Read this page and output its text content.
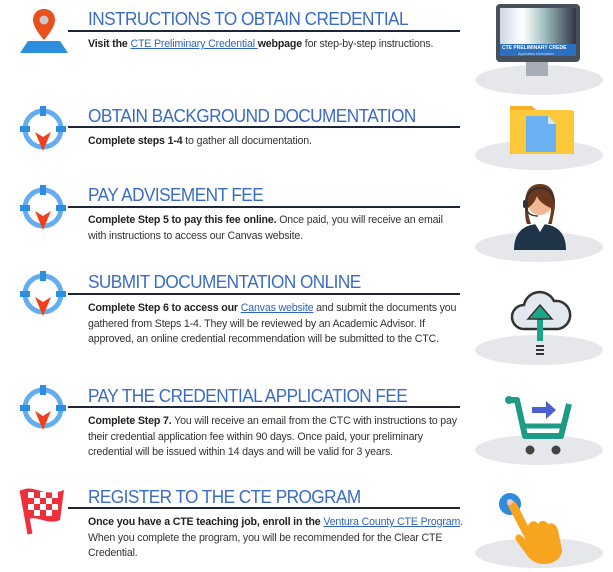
INSTRUCTIONS TO OBTAIN CREDENTIAL
Visit the CTE Preliminary Credential webpage for step-by-step instructions.	CTE PRELIMINARY CREDE
Application Instructions
OBTAIN BACKGROUND DOCUMENTATION
Complete steps 1-4 to gather all documentation.
PAY ADVISEMENT FEE
Complete Step 5 to pay this fee online. Once paid, you will receive an email with instructions to access our Canvas website.
SUBMIT DOCUMENTATION ONLINE
Complete Step 6 to access our Canvas website and submit the documents you gathered from Steps 1-4. They will be reviewed by an Academic Advisor. If approved, an online credential recommendation will be submitted to the CTC.
PAY THE CREDENTIAL APPLICATION FEE
Complete Step 7. You will receive an email from the CTC with instructions to pay their credential application fee within 90 days. Once paid, your preliminary credential will be issued within 14 days and will be valid for 3 years.
REGISTER TO THE CTE PROGRAM
Once you have a CTE teaching job, enroll in the Ventura County CTE Program. When you complete the program, you will be recommended for the Clear CTE Credential.
